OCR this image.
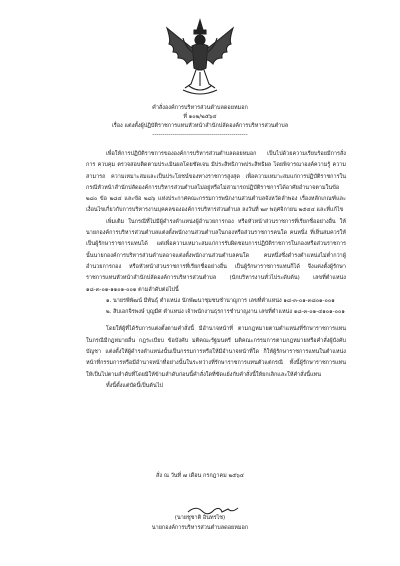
คำสั่งองค์การบริหารส่วนตำบลดอยหมอก
ที่ ๑๐๒/๒๕๖๔
เรื่อง แต่งตั้งผู้ปฏิบัติราชการแทนหัวหน้าสำนักปลัดองค์การบริหารส่วนตำบล
------------------------------------------------
เพื่อให้การปฏิบัติราชการขององค์การบริหารส่วนตำบลดอยหมอก เป็นไปด้วยความเรียบร้อยมีการสั่งการ ควบคุม ตรวจสอบติดตามประเมินผลโดยชัดเจน มีประสิทธิภาพประสิทธิผล โดยพิจารณาองค์ความรู้ ความสามารถ ความเหมาะสมและเป็นประโยชน์ของทางราชการสูงสุด เพื่อความเหมาะสมแก่การปฏิบัติราชการในกรณีหัวหน้าสำนักปลัดองค์การบริหารส่วนตำบลไม่อยู่หรือไม่สามารถปฏิบัติราชการได้อาศัยอำนาจตามในข้อ ๒๘๐ ข้อ ๒๘๔ และข้อ ๒๘๖ แห่งประกาศคณะกรรมการพนักงานส่วนตำบลจังหวัดลำพอง เรื่องหลักเกณฑ์และเงื่อนไขเกี่ยวกับการบริหารงานบุคคลขององค์การบริหารส่วนตำบล ลงวันที่ ๒๙ พฤศจิกายน ๒๕๔๔ และที่แก้ไข
เพิ่มเติม ในกรณีที่ไม่มีผู้ดำรงตำแหน่งผู้อำนวยการกอง หรือหัวหน้าส่วนราชการที่เรียกชื่ออย่างอื่น ให้นายกองค์การบริหารส่วนตำบลแต่งตั้งพนักงานส่วนตำบลในกองหรือส่วนราชการคนใด คนหนึ่ง ที่เห็นสมควรให้เป็นผู้รักษาราชการแทนได้ แต่เพื่อความเหมาะสมแก่การรับผิดชอบการปฏิบัติราชการในกองหรือส่วนราชการนั้นนายกองค์การบริหารส่วนตำบลอาจแต่งตั้งพนักงานส่วนตำบลคนใด คนหนึ่งซึ่งดำรงตำแหน่งไม่ต่ำกว่าผู้อำนวยการกอง หรือหัวหน้าส่วนราชการที่เรียกชื่ออย่างอื่น เป็นผู้รักษาราชการแทนก็ได้ จึงแต่งตั้งผู้รักษาราชการแทนหัวหน้าสำนักปลัดองค์การบริหารส่วนตำบล (นักบริหารงานทั่วไประดับต้น) เลขที่ตำแหน่ง ๑๘-๓-๐๑-๑๑๐๑-๐๐๑ ตามลำดับต่อไปนี้
๑. นายรพีพัฒน์ มีพันธุ์ ตำแหน่ง นักพัฒนาชุมชนชำนาญการ เลขที่ตำแหน่ง ๑๘-๓-๐๑-๓๘๐๑-๐๐๑
๒. สิบเอกจิรพงษ์ บุญมีศ ตำแหน่ง เจ้าพนักงานธุรการชำนาญงาน เลขที่ตำแหน่ง ๑๘-๓-๐๑-๔๑๐๑-๐๐๑
โดยให้ผู้ที่ได้รับการแต่งตั้งตามคำสั่งนี้ มีอำนาจหน้าที่ ตามกฎหมายตามตำแหน่งที่รักษาราชการแทน ในกรณีมีกฎหมายอื่น กฎระเบียบ ข้อบังคับ มติคณะรัฐมนตรี มติคณะกรรมการตามกฎหมายหรือคำสั่งผู้บังคับบัญชา แต่งตั้งให้ผู้ดำรงตำแหน่งนั้นเป็นกรรมการหรือให้มีอำนาจหน้าที่ใด ก็ให้ผู้รักษาราชการแทนในตำแหน่งหน้าที่กรรมการหรือมีอำนาจหน้าที่อย่างนั้นในระหว่างที่รักษาราชการแทนตัวแต่กรณี ทั้งนี้ผู้รักษาราชการแทนให้เป็นไปตามลำดับที่โดยมิให้ข้ามลำดับก่อนนี้คำสั่งใดที่ขัดแย้งกับคำสั่งนี้ให้ยกเลิกและให้คำสั่งนี้แทน
ทั้งนี้ตั้งแต่บัดนี้เป็นต้นไป
สั่ง ณ วันที่ ๗ เดือน กรกฎาคม ๒๕๖๔
(นายชูชาติ อินทรไช)
นายกองค์การบริหารส่วนตำบลดอยหมอก
